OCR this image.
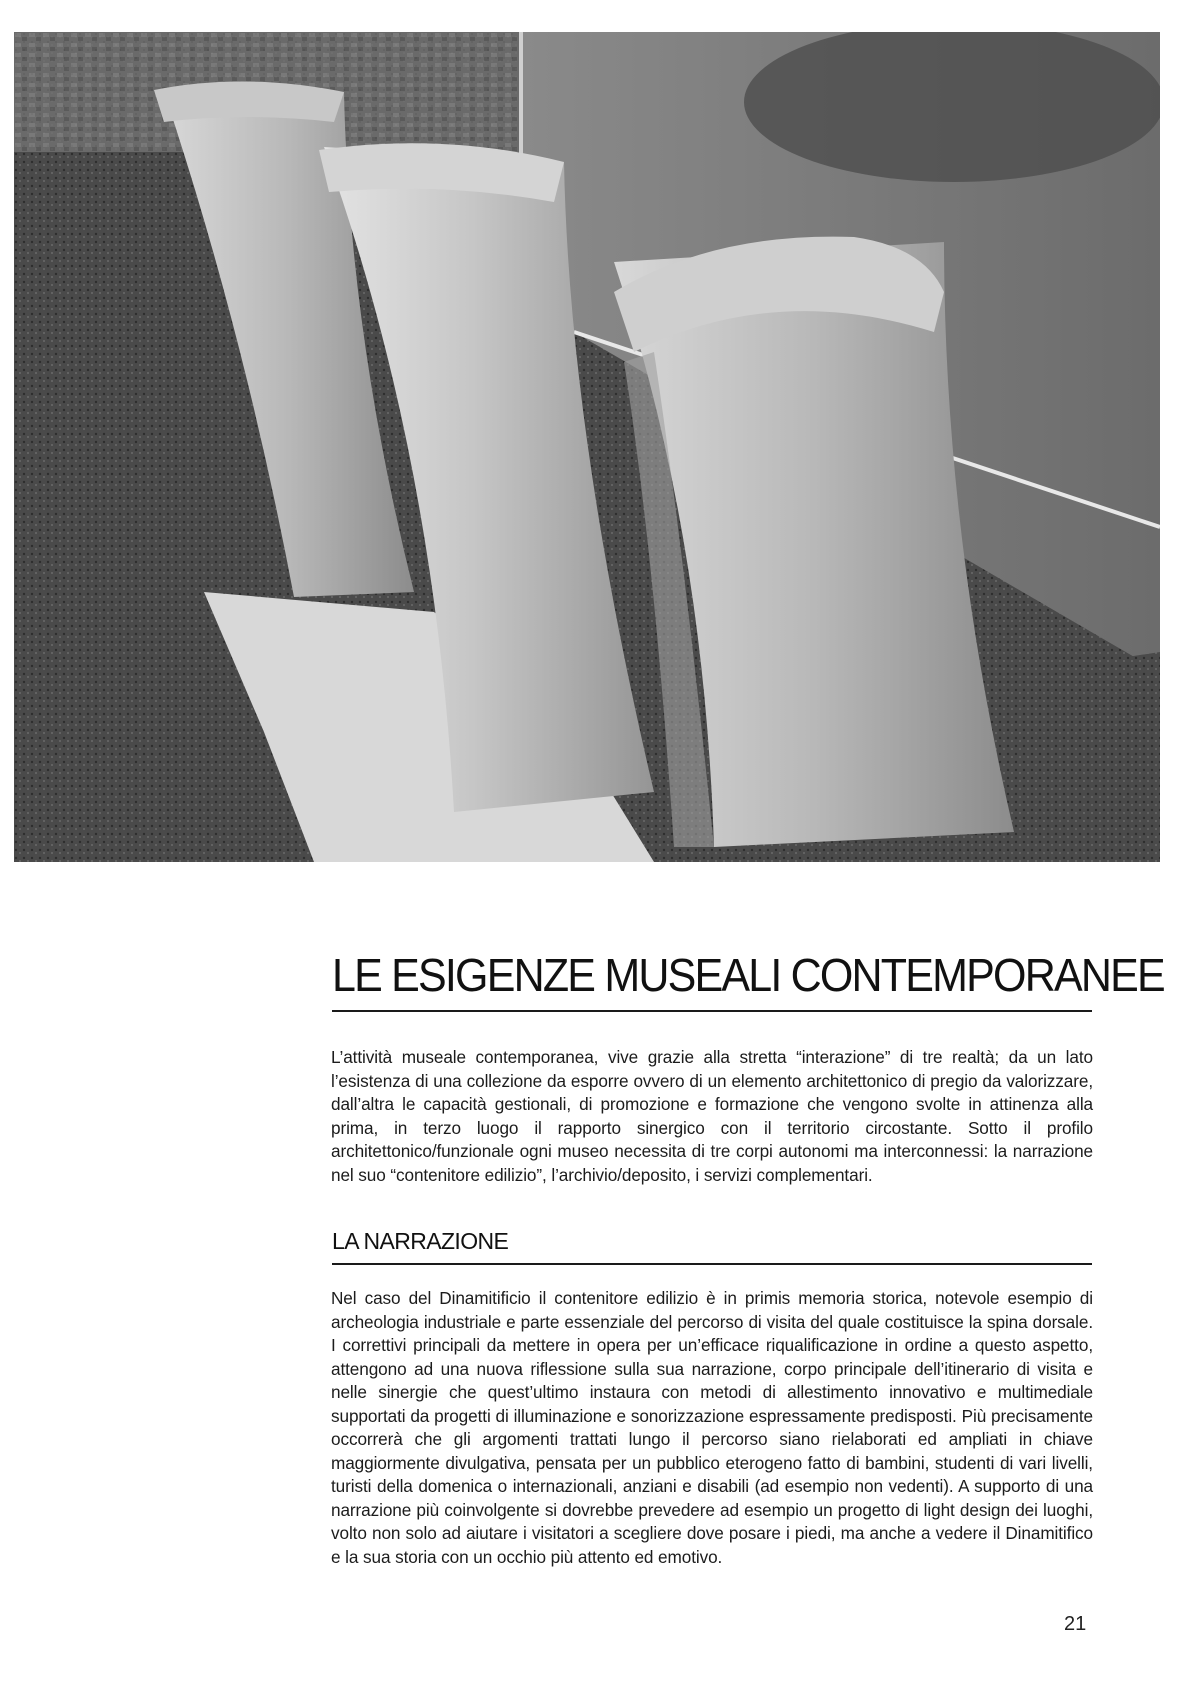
LE ESIGENZE MUSEALI CONTEMPORANEE

L’attività museale contemporanea, vive grazie alla stretta “interazione” di tre realtà; da un lato l’esistenza di una collezione da esporre ovvero di un elemento architettonico di pregio da valorizzare, dall’altra le capacità gestionali, di promozione e formazione che vengono svolte in attinenza alla prima, in terzo luogo il rapporto sinergico con il territorio circostante. Sotto il profilo architettonico/funzionale ogni museo necessita di tre corpi autonomi ma interconnessi: la narrazione nel suo “contenitore edilizio”, l’archivio/deposito, i servizi complementari.

LA NARRAZIONE

Nel caso del Dinamitificio il contenitore edilizio è in primis memoria storica, notevole esempio di archeologia industriale e parte essenziale del percorso di visita del quale costituisce la spina dorsale. I correttivi principali da mettere in opera per un’efficace riqualificazione in ordine a questo aspetto, attengono ad una nuova riflessione sulla sua narrazione, corpo principale dell’itinerario di visita e nelle sinergie che quest’ultimo instaura con metodi di allestimento innovativo e multimediale supportati da progetti di illuminazione e sonorizzazione espressamente predisposti. Più precisamente occorrerà che gli argomenti trattati lungo il percorso siano rielaborati ed ampliati in chiave maggiormente divulgativa, pensata per un pubblico eterogeno fatto di bambini, studenti di vari livelli, turisti della domenica o internazionali, anziani e disabili (ad esempio non vedenti). A supporto di una narrazione più coinvolgente si dovrebbe prevedere ad esempio un progetto di light design dei luoghi, volto non solo ad aiutare i visitatori a scegliere dove posare i piedi, ma anche a vedere il Dinamitifico e la sua storia con un occhio più attento ed emotivo.

21
